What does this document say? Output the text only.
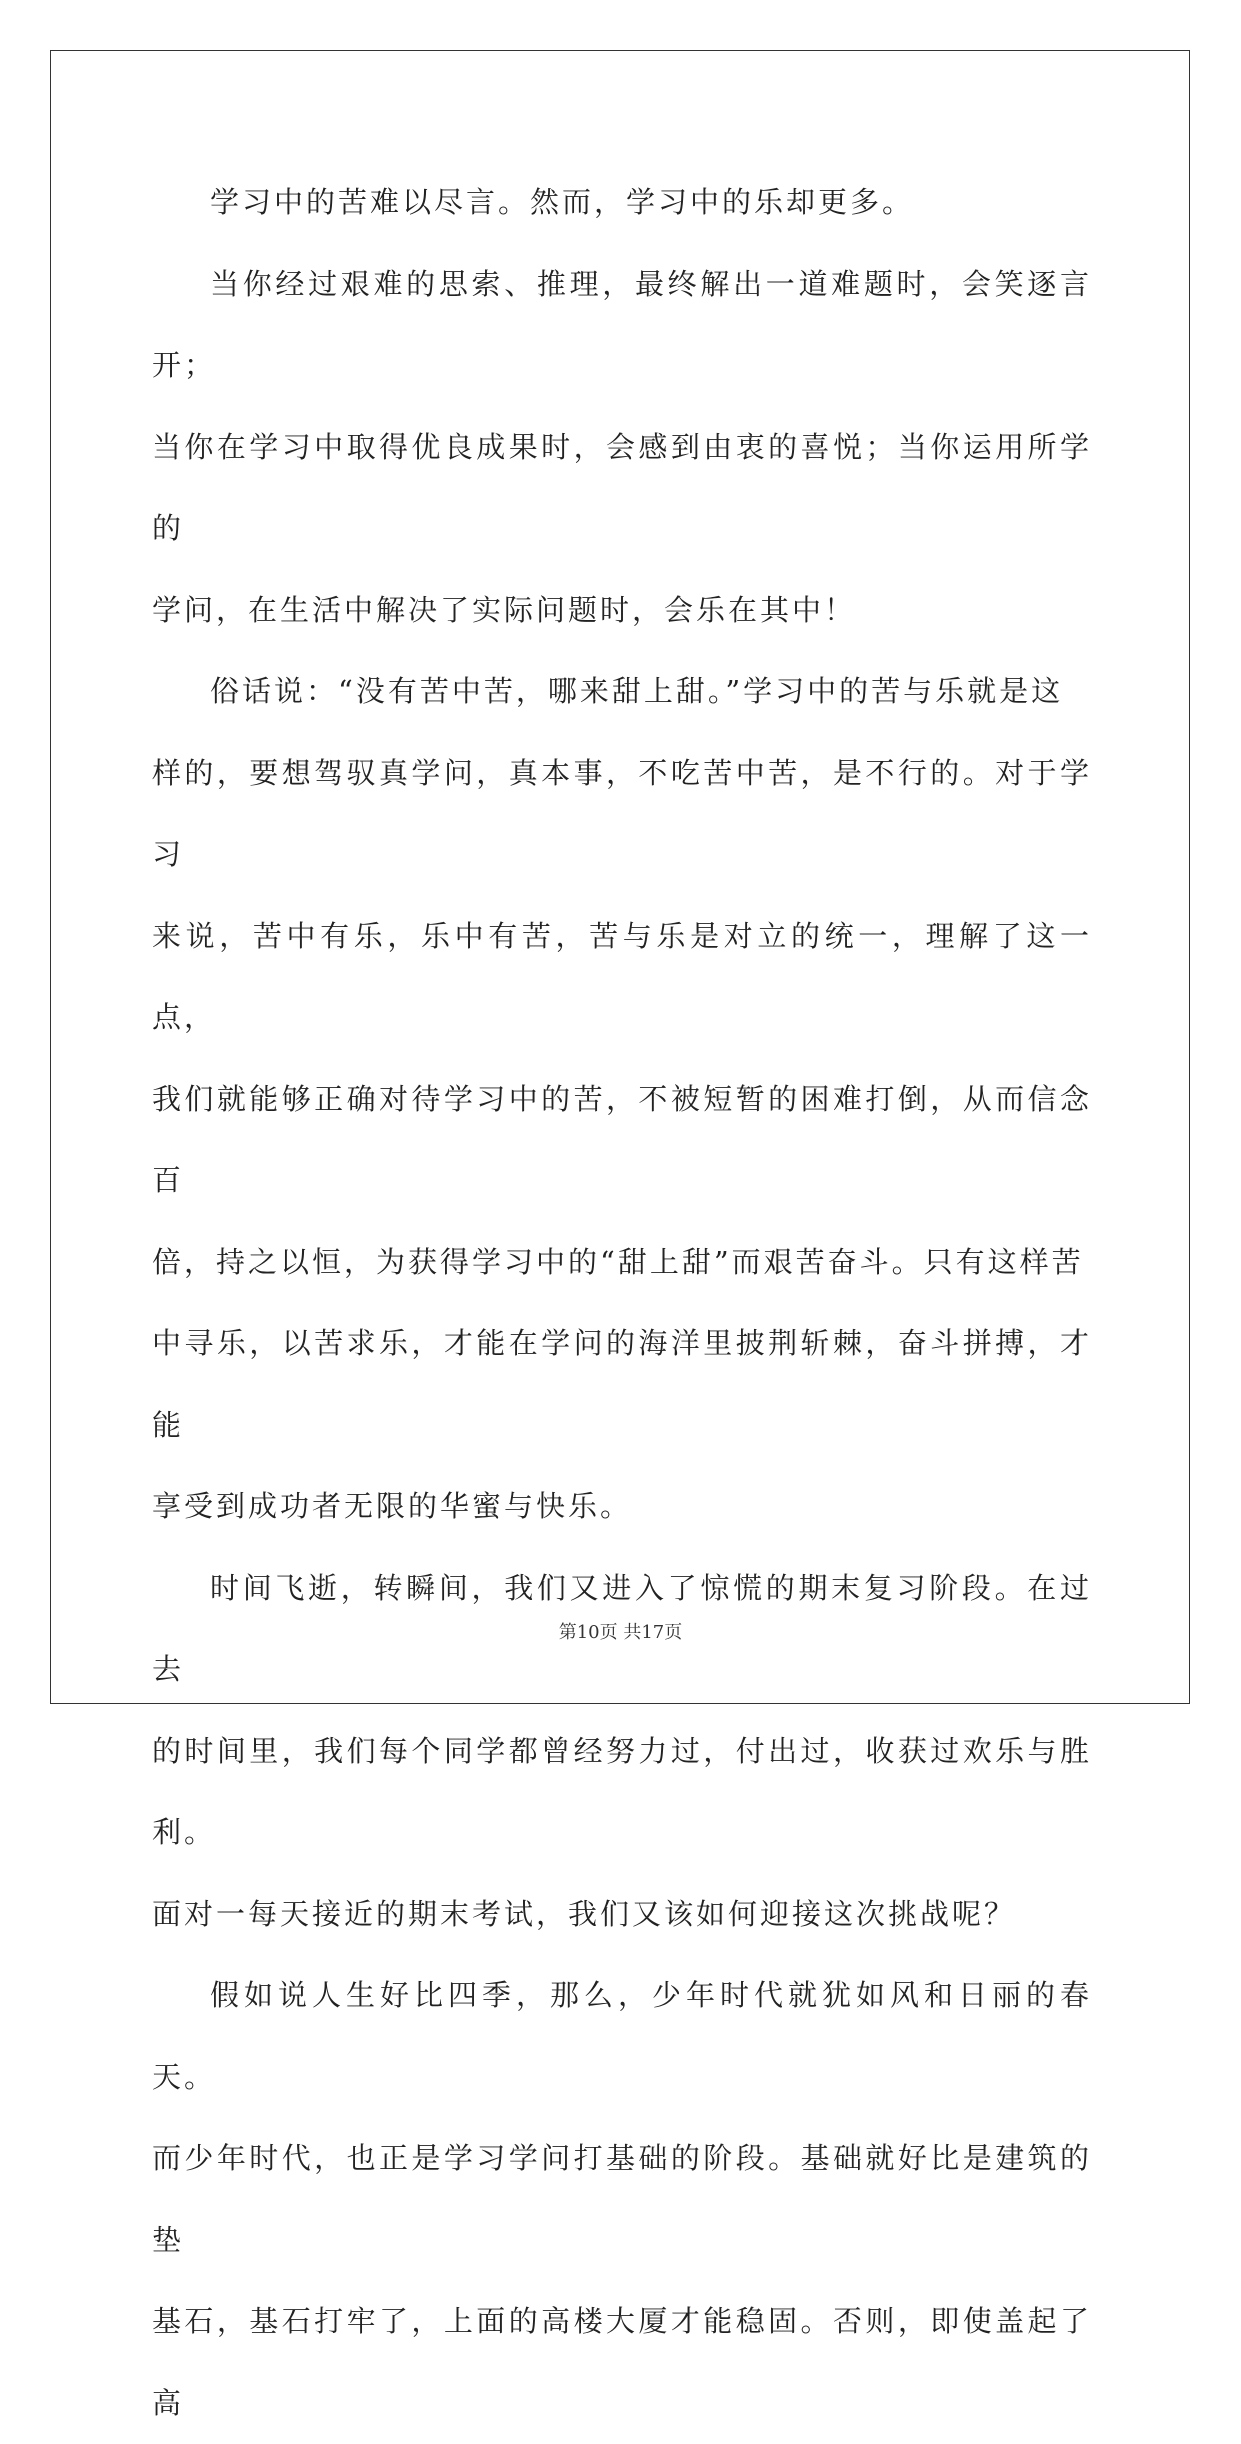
学习中的苦难以尽言。然而，学习中的乐却更多。

当你经过艰难的思索、推理，最终解出一道难题时，会笑逐言开；
当你在学习中取得优良成果时，会感到由衷的喜悦；当你运用所学的
学问，在生活中解决了实际问题时，会乐在其中！

俗话说：“没有苦中苦，哪来甜上甜。”学习中的苦与乐就是这
样的，要想驾驭真学问，真本事，不吃苦中苦，是不行的。对于学习
来说，苦中有乐，乐中有苦，苦与乐是对立的统一，理解了这一点，
我们就能够正确对待学习中的苦，不被短暂的困难打倒，从而信念百
倍，持之以恒，为获得学习中的“甜上甜”而艰苦奋斗。只有这样苦
中寻乐，以苦求乐，才能在学问的海洋里披荆斩棘，奋斗拼搏，才能
享受到成功者无限的华蜜与快乐。

时间飞逝，转瞬间，我们又进入了惊慌的期末复习阶段。在过去
的时间里，我们每个同学都曾经努力过，付出过，收获过欢乐与胜利。
面对一每天接近的期末考试，我们又该如何迎接这次挑战呢？

假如说人生好比四季，那么，少年时代就犹如风和日丽的春天。
而少年时代，也正是学习学问打基础的阶段。基础就好比是建筑的垫
基石，基石打牢了，上面的高楼大厦才能稳固。否则，即使盖起了高

第10页 共17页
